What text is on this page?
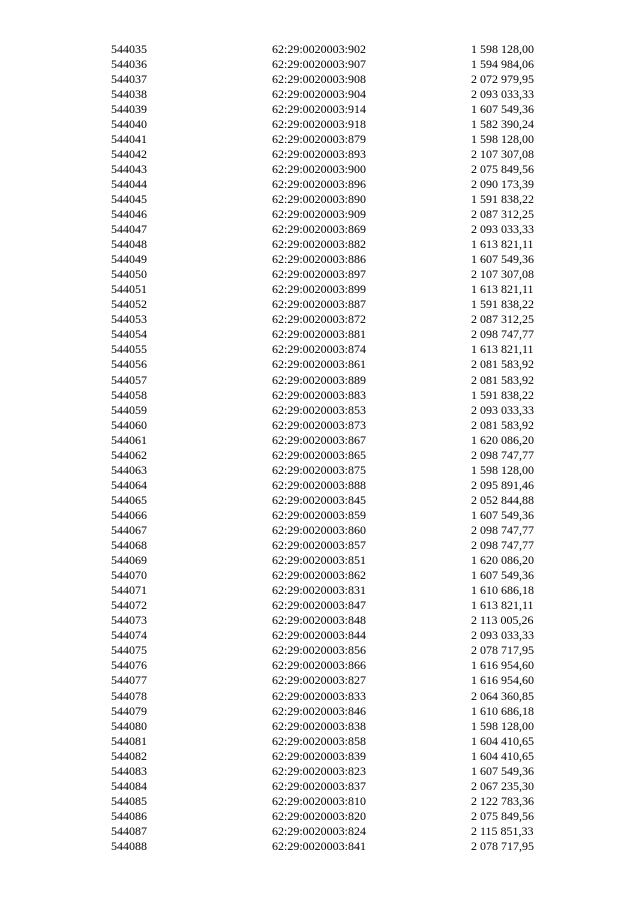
544035	62:29:0020003:902	1 598 128,00
544036	62:29:0020003:907	1 594 984,06
544037	62:29:0020003:908	2 072 979,95
544038	62:29:0020003:904	2 093 033,33
544039	62:29:0020003:914	1 607 549,36
544040	62:29:0020003:918	1 582 390,24
544041	62:29:0020003:879	1 598 128,00
544042	62:29:0020003:893	2 107 307,08
544043	62:29:0020003:900	2 075 849,56
544044	62:29:0020003:896	2 090 173,39
544045	62:29:0020003:890	1 591 838,22
544046	62:29:0020003:909	2 087 312,25
544047	62:29:0020003:869	2 093 033,33
544048	62:29:0020003:882	1 613 821,11
544049	62:29:0020003:886	1 607 549,36
544050	62:29:0020003:897	2 107 307,08
544051	62:29:0020003:899	1 613 821,11
544052	62:29:0020003:887	1 591 838,22
544053	62:29:0020003:872	2 087 312,25
544054	62:29:0020003:881	2 098 747,77
544055	62:29:0020003:874	1 613 821,11
544056	62:29:0020003:861	2 081 583,92
544057	62:29:0020003:889	2 081 583,92
544058	62:29:0020003:883	1 591 838,22
544059	62:29:0020003:853	2 093 033,33
544060	62:29:0020003:873	2 081 583,92
544061	62:29:0020003:867	1 620 086,20
544062	62:29:0020003:865	2 098 747,77
544063	62:29:0020003:875	1 598 128,00
544064	62:29:0020003:888	2 095 891,46
544065	62:29:0020003:845	2 052 844,88
544066	62:29:0020003:859	1 607 549,36
544067	62:29:0020003:860	2 098 747,77
544068	62:29:0020003:857	2 098 747,77
544069	62:29:0020003:851	1 620 086,20
544070	62:29:0020003:862	1 607 549,36
544071	62:29:0020003:831	1 610 686,18
544072	62:29:0020003:847	1 613 821,11
544073	62:29:0020003:848	2 113 005,26
544074	62:29:0020003:844	2 093 033,33
544075	62:29:0020003:856	2 078 717,95
544076	62:29:0020003:866	1 616 954,60
544077	62:29:0020003:827	1 616 954,60
544078	62:29:0020003:833	2 064 360,85
544079	62:29:0020003:846	1 610 686,18
544080	62:29:0020003:838	1 598 128,00
544081	62:29:0020003:858	1 604 410,65
544082	62:29:0020003:839	1 604 410,65
544083	62:29:0020003:823	1 607 549,36
544084	62:29:0020003:837	2 067 235,30
544085	62:29:0020003:810	2 122 783,36
544086	62:29:0020003:820	2 075 849,56
544087	62:29:0020003:824	2 115 851,33
544088	62:29:0020003:841	2 078 717,95
